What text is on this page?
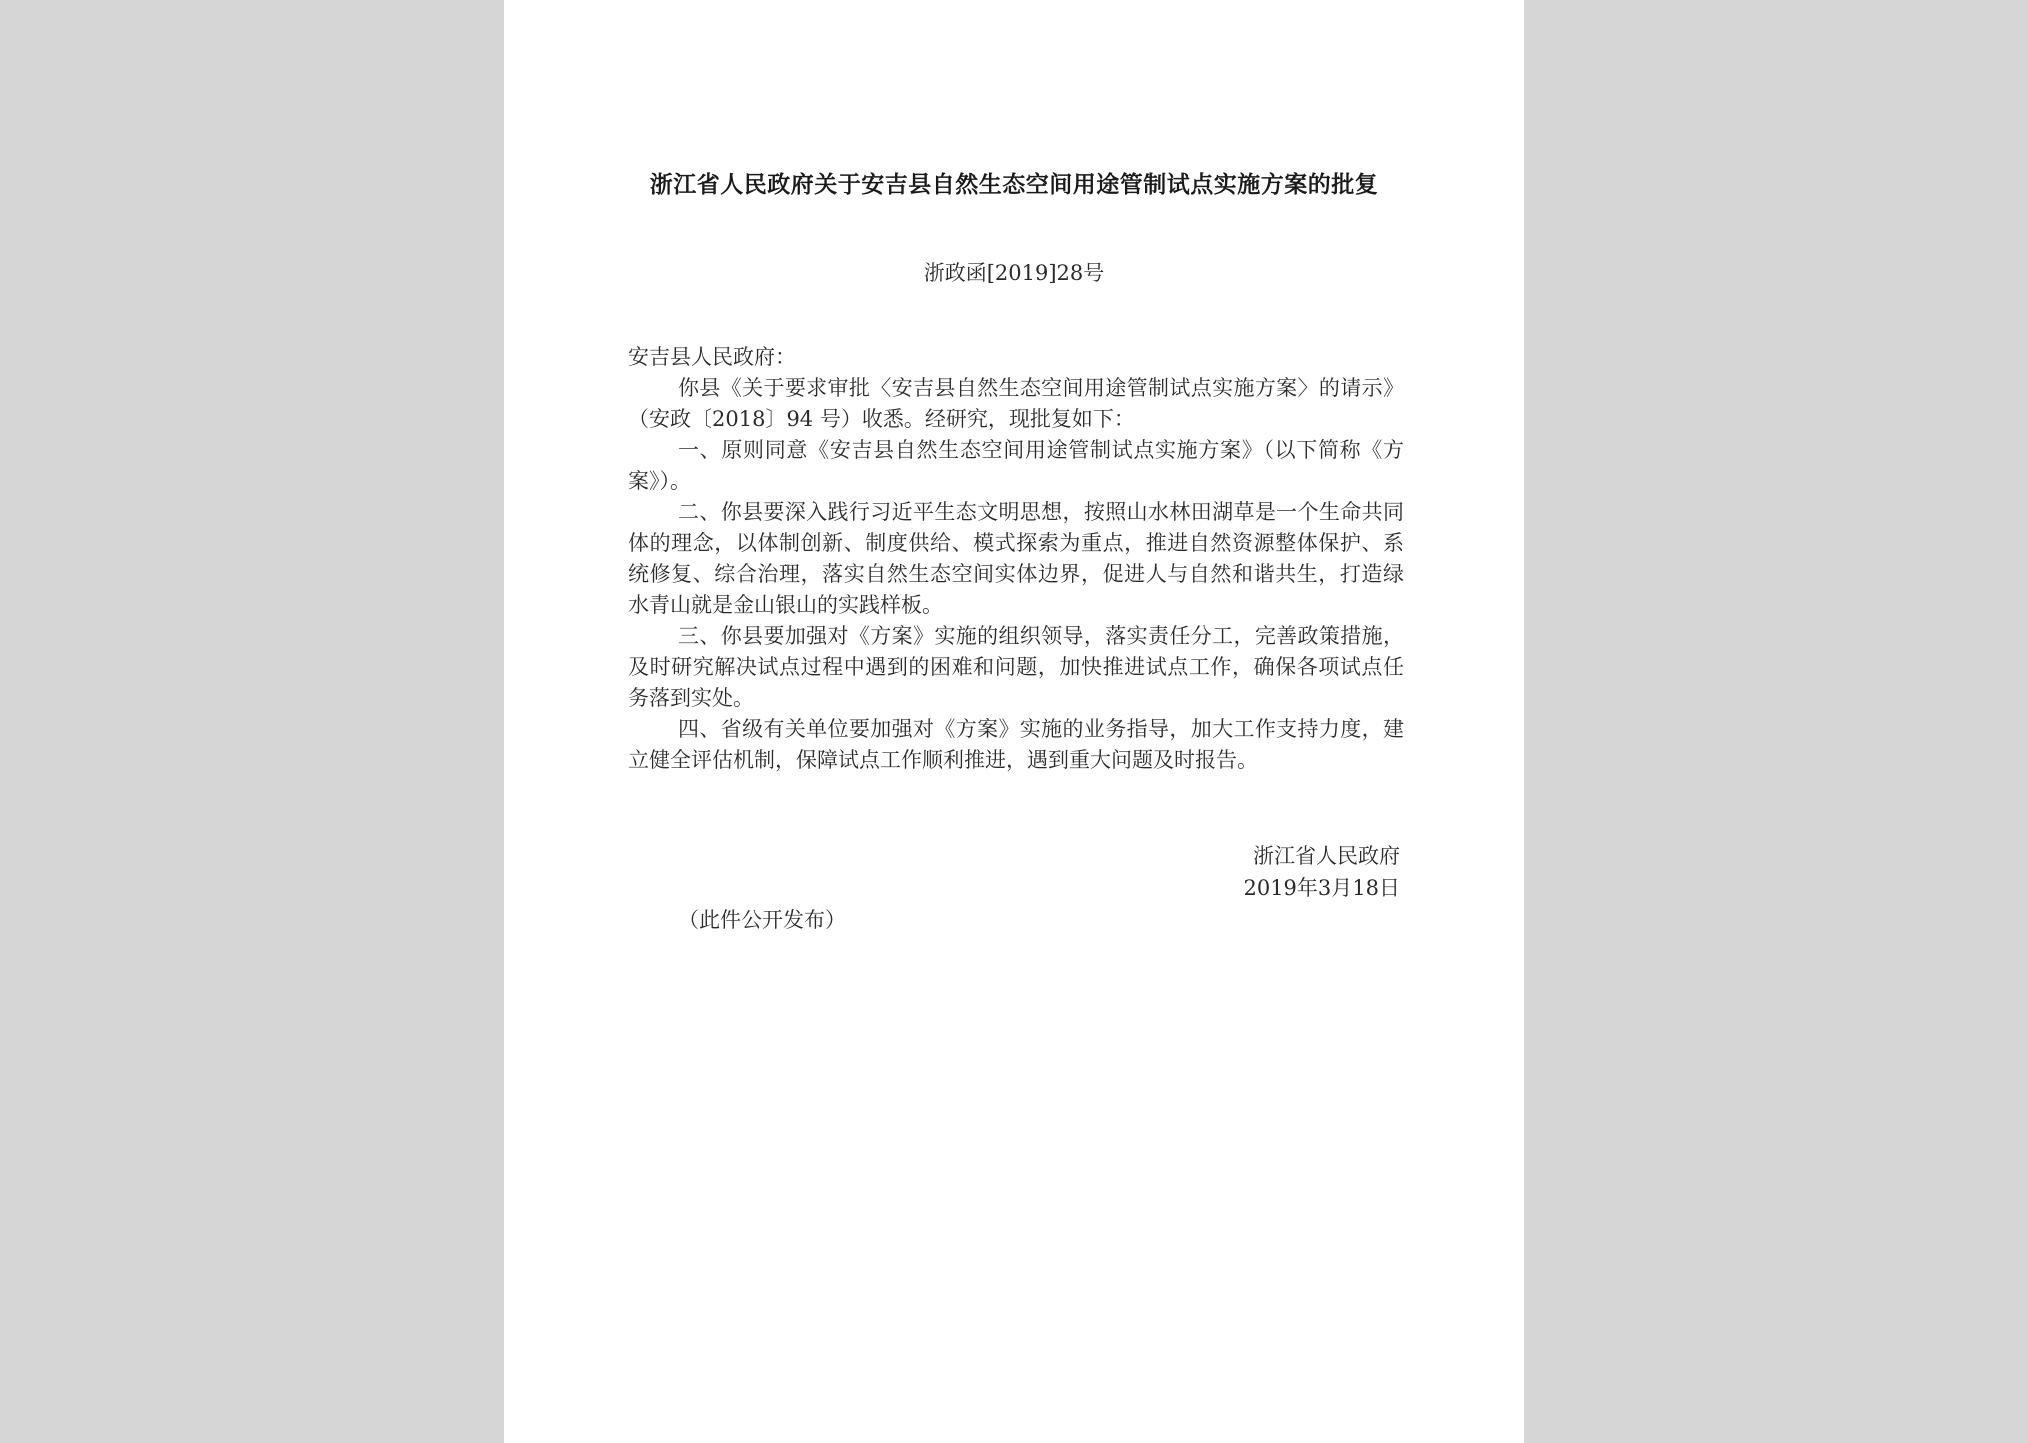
浙江省人民政府关于安吉县自然生态空间用途管制试点实施方案的批复
浙政函[2019]28号

安吉县人民政府：

你县《关于要求审批〈安吉县自然生态空间用途管制试点实施方案〉的请示》（安政〔2018〕94 号）收悉。经研究，现批复如下：

一、原则同意《安吉县自然生态空间用途管制试点实施方案》（以下简称《方案》）。

二、你县要深入践行习近平生态文明思想，按照山水林田湖草是一个生命共同体的理念，以体制创新、制度供给、模式探索为重点，推进自然资源整体保护、系统修复、综合治理，落实自然生态空间实体边界，促进人与自然和谐共生，打造绿水青山就是金山银山的实践样板。

三、你县要加强对《方案》实施的组织领导，落实责任分工，完善政策措施，及时研究解决试点过程中遇到的困难和问题，加快推进试点工作，确保各项试点任务落到实处。

四、省级有关单位要加强对《方案》实施的业务指导，加大工作支持力度，建立健全评估机制，保障试点工作顺利推进，遇到重大问题及时报告。

浙江省人民政府
2019年3月18日
（此件公开发布）
